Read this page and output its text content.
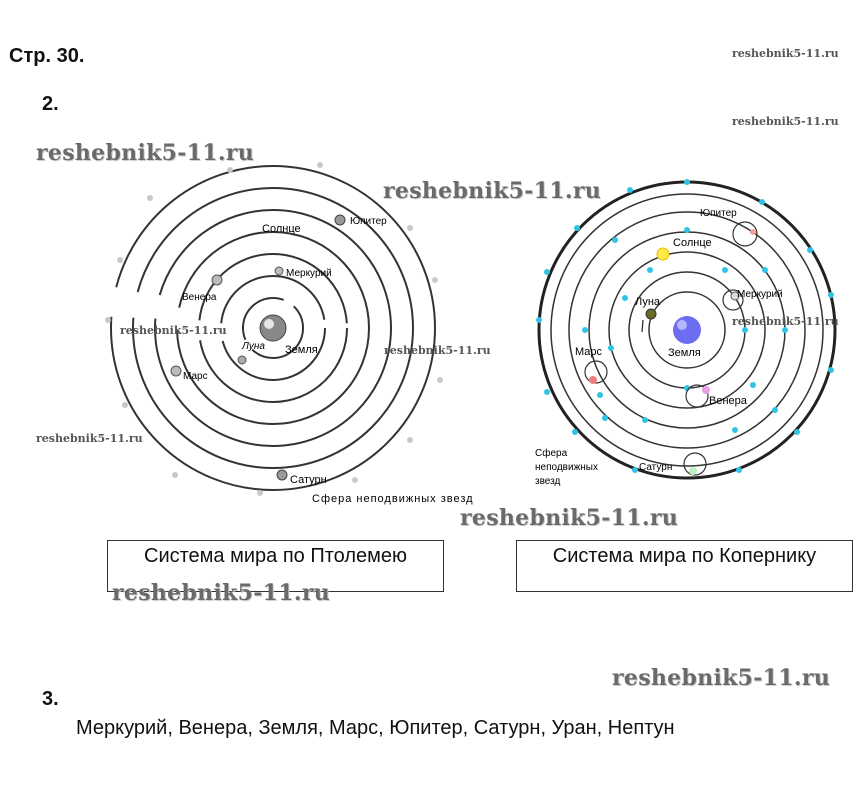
Стр. 30.
2.
Земля
Луна
Меркурий
Венера
Солнце
Юпитер
Марс
Сатурн
Сфера неподвижных звезд
Земля
Луна
Солнце
Меркурий
Юпитер
Марс
Венера
Сатурн
Сфера
неподвижных
звезд
Система мира по Птолемею	Система мира по Копернику
3.
Меркурий, Венера, Земля, Марс, Юпитер, Сатурн, Уран, Нептун
reshebnik5-11.ru
reshebnik5-11.ru
reshebnik5-11.ru
reshebnik5-11.ru
reshebnik5-11.ru
reshebnik5-11.ru
reshebnik5-11.ru
reshebnik5-11.ru
reshebnik5-11.ru
reshebnik5-11.ru
reshebnik5-11.ru
